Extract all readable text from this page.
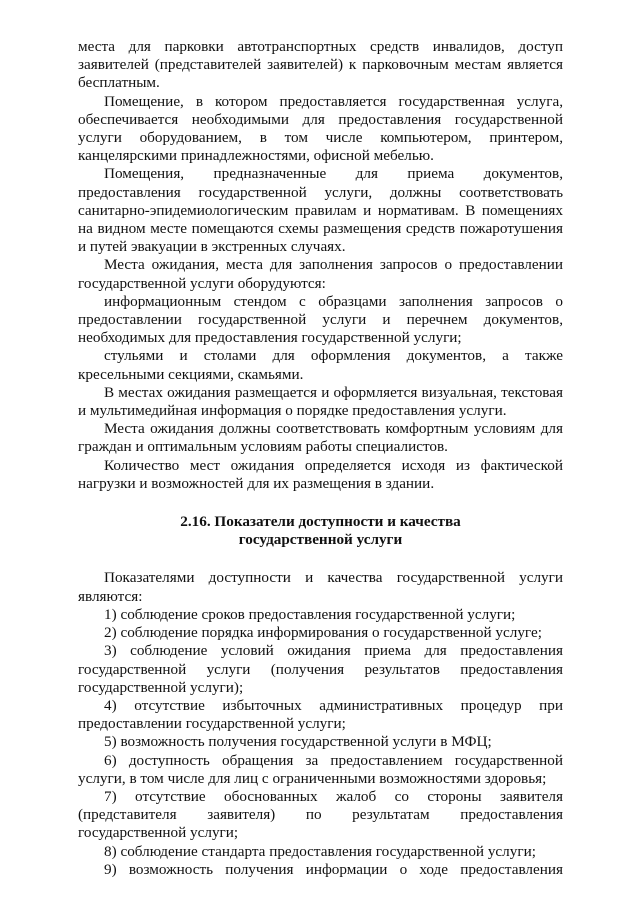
места для парковки автотранспортных средств инвалидов, доступ заявителей (представителей заявителей) к парковочным местам является бесплатным.

Помещение, в котором предоставляется государственная услуга, обеспечивается необходимыми для предоставления государственной услуги оборудованием, в том числе компьютером, принтером, канцелярскими принадлежностями, офисной мебелью.

Помещения, предназначенные для приема документов, предоставления государственной услуги, должны соответствовать санитарно-эпидемиологическим правилам и нормативам. В помещениях на видном месте помещаются схемы размещения средств пожаротушения и путей эвакуации в экстренных случаях.

Места ожидания, места для заполнения запросов о предоставлении государственной услуги оборудуются:

информационным стендом с образцами заполнения запросов о предоставлении государственной услуги и перечнем документов, необходимых для предоставления государственной услуги;

стульями и столами для оформления документов, а также кресельными секциями, скамьями.

В местах ожидания размещается и оформляется визуальная, текстовая и мультимедийная информация о порядке предоставления услуги.

Места ожидания должны соответствовать комфортным условиям для граждан и оптимальным условиям работы специалистов.

Количество мест ожидания определяется исходя из фактической нагрузки и возможностей для их размещения в здании.

2.16. Показатели доступности и качества
государственной услуги

Показателями доступности и качества государственной услуги являются:

1) соблюдение сроков предоставления государственной услуги;

2) соблюдение порядка информирования о государственной услуге;

3) соблюдение условий ожидания приема для предоставления государственной услуги (получения результатов предоставления государственной услуги);

4) отсутствие избыточных административных процедур при предоставлении государственной услуги;

5) возможность получения государственной услуги в МФЦ;

6) доступность обращения за предоставлением государственной услуги, в том числе для лиц с ограниченными возможностями здоровья;

7) отсутствие обоснованных жалоб со стороны заявителя (представителя заявителя) по результатам предоставления государственной услуги;

8) соблюдение стандарта предоставления государственной услуги;

9) возможность получения информации о ходе предоставления
